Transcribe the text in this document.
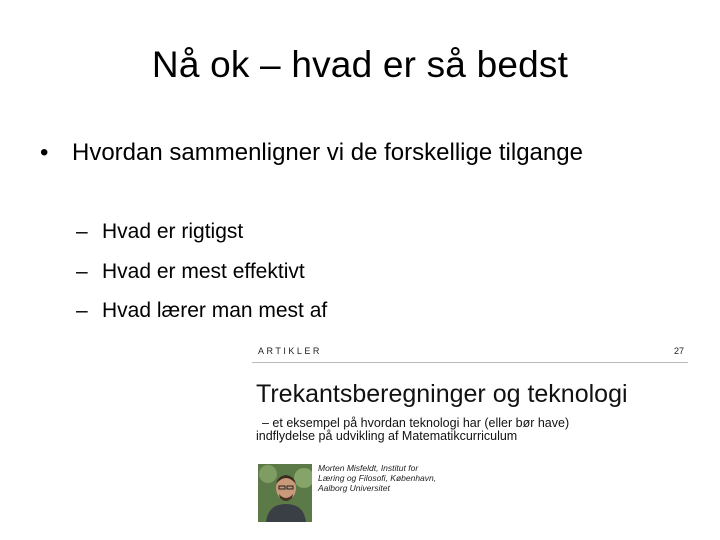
Nå ok – hvad er så bedst
• Hvordan sammenligner vi de forskellige tilgange
– Hvad er rigtigst
– Hvad er mest effektivt
– Hvad lærer man mest af
ARTIKLER	27
Trekantsberegninger og teknologi
– et eksempel på hvordan teknologi har (eller bør have)
indflydelse på udvikling af Matematikcurriculum
Morten Misfeldt, Institut for
Læring og Filosofi, København,
Aalborg Universitet
